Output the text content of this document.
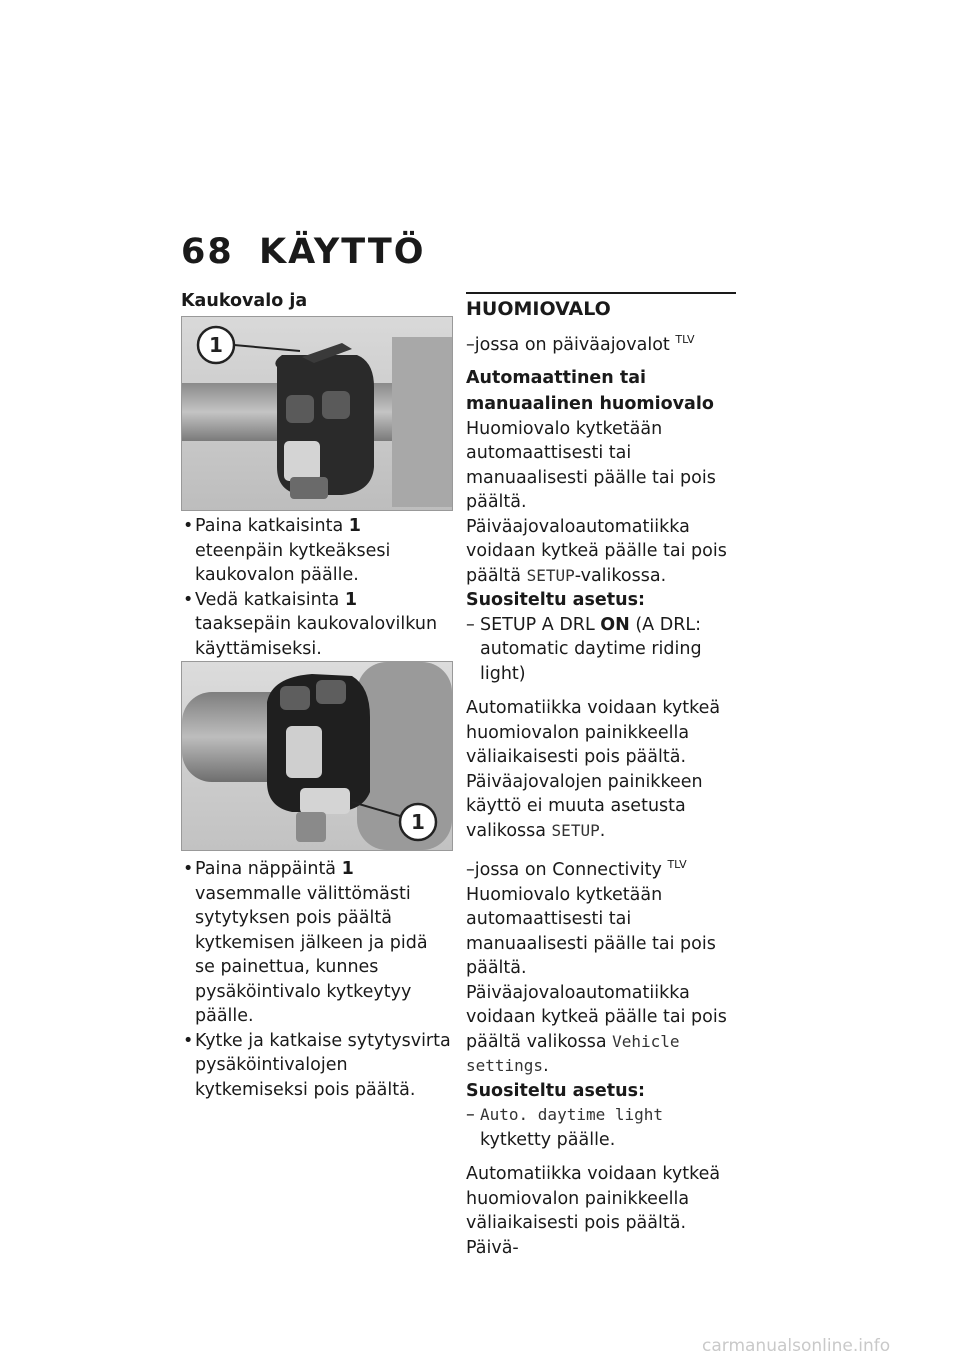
68 KÄYTTÖ

Kaukovalo ja

1

• Paina katkaisinta 1 eteenpäin kytkeäksesi kaukovalon päälle.

• Vedä katkaisinta 1 taaksepäin kaukovalovilkun käyttämiseksi.

•

1

• Paina näppäintä 1 vasemmalle välittömästi sytytyksen pois päältä kytkemisen jälkeen ja pidä se painettua, kunnes pysäköintivalo kytkeytyy päälle.

• Kytke ja katkaise sytytysvirta pysäköintivalojen kytkemiseksi pois päältä.

HUOMIOVALO

–jossa on päiväajovalot $^{TLV}$

Automaattinen tai manuaalinen huomiovalo

Huomiovalo kytketään automaattisesti tai manuaalisesti päälle tai pois päältä.

Päiväajovaloautomatiikka voidaan kytkeä päälle tai pois päältä SETUP-valikossa.

Suositeltu asetus:

– SETUP A DRL ON (A DRL: automatic daytime riding light)

Automatiikka voidaan kytkeä huomiovalon painikkeella väliaikaisesti pois päältä. Päiväajovalojen painikkeen käyttö ei muuta asetusta valikossa SETUP.

–jossa on Connectivity $^{TLV}$

Huomiovalo kytketään automaattisesti tai manuaalisesti päälle tai pois päältä.

Päiväajovaloautomatiikka voidaan kytkeä päälle tai pois päältä valikossa Vehicle settings.

Suositeltu asetus:

– Auto. daytime light kytketty päälle.

Automatiikka voidaan kytkeä huomiovalon painikkeella väliaikaisesti pois päältä. Päivä-

carmanualsonline.info
